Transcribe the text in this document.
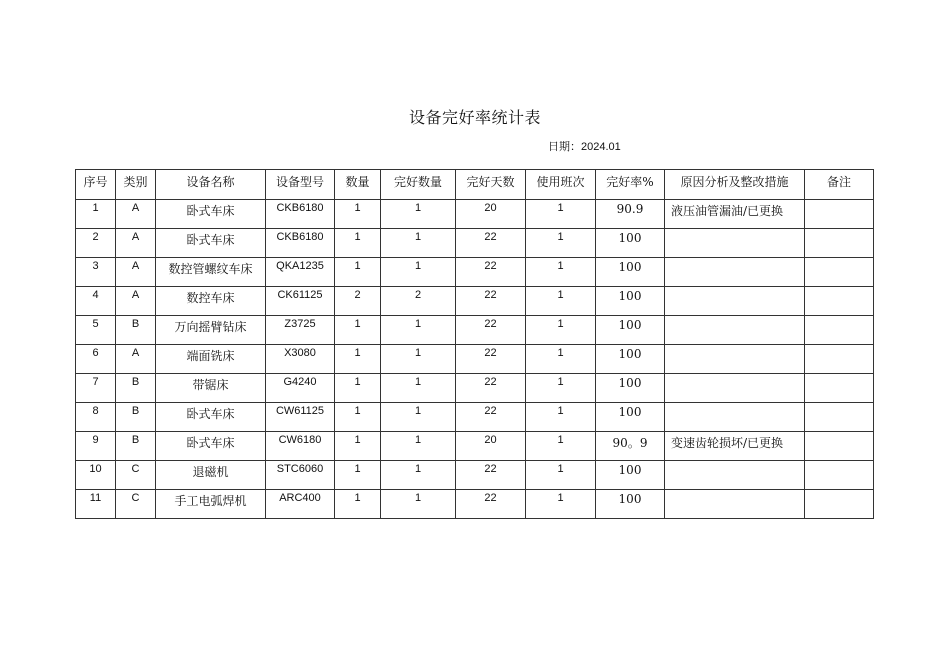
设备完好率统计表
日期：2024.01
序号	类别	设备名称	设备型号	数量	完好数量	完好天数	使用班次	完好率%	原因分析及整改措施	备注
1	A	卧式车床	CKB6180	1	1	20	1	90.9	液压油管漏油/已更换	
2	A	卧式车床	CKB6180	1	1	22	1	100		
3	A	数控管螺纹车床	QKA1235	1	1	22	1	100		
4	A	数控车床	CK61125	2	2	22	1	100		
5	B	万向摇臂钻床	Z3725	1	1	22	1	100		
6	A	端面铣床	X3080	1	1	22	1	100		
7	B	带锯床	G4240	1	1	22	1	100		
8	B	卧式车床	CW61125	1	1	22	1	100		
9	B	卧式车床	CW6180	1	1	20	1	90。9	变速齿轮损坏/已更换	
10	C	退磁机	STC6060	1	1	22	1	100		
11	C	手工电弧焊机	ARC400	1	1	22	1	100		
